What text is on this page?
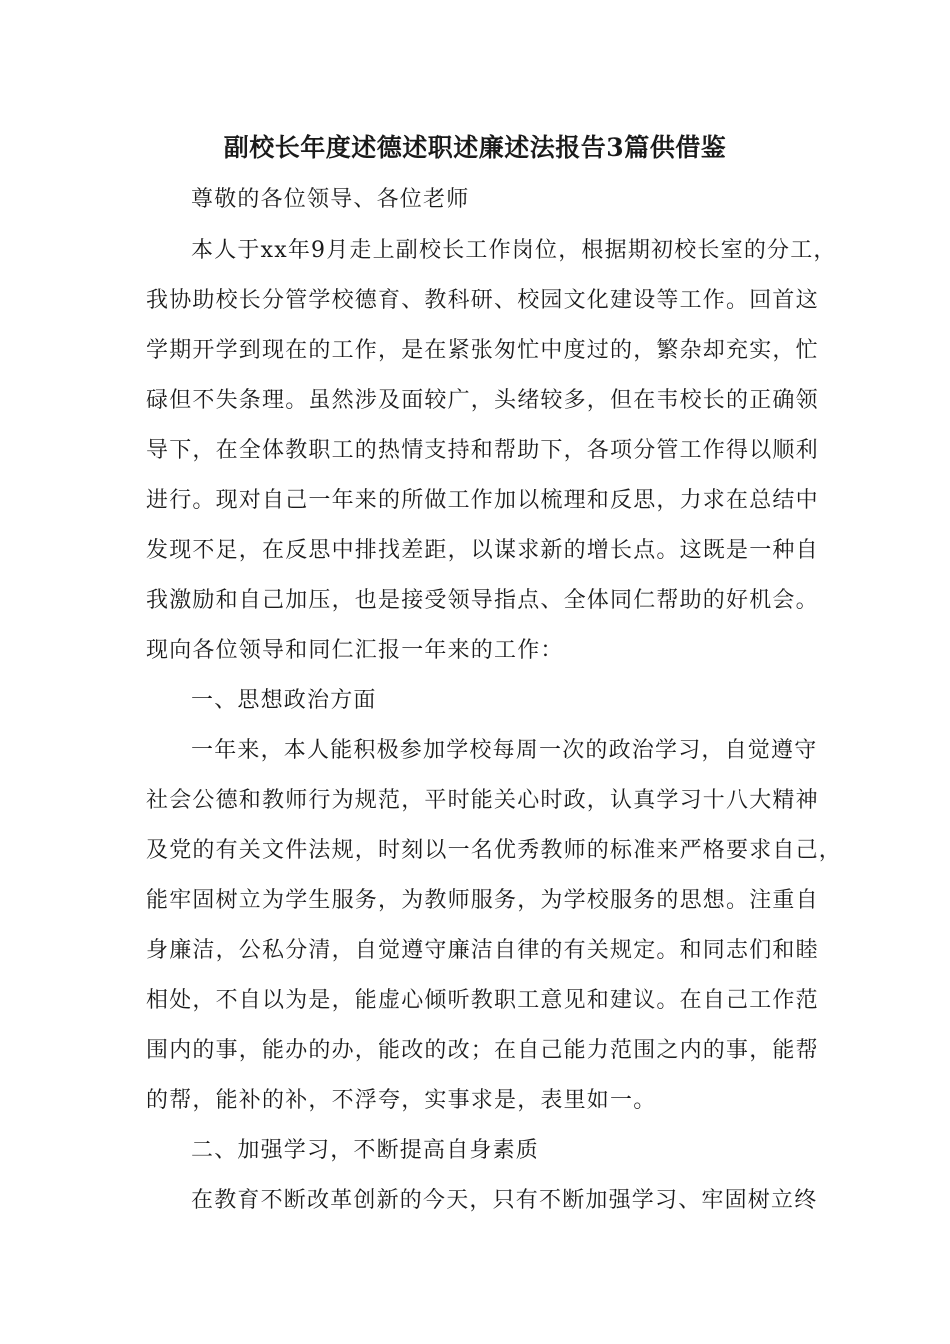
副校长年度述德述职述廉述法报告3篇供借鉴
尊敬的各位领导、各位老师
本人于xx年9月走上副校长工作岗位，根据期初校长室的分工，
我协助校长分管学校德育、教科研、校园文化建设等工作。回首这
学期开学到现在的工作，是在紧张匆忙中度过的，繁杂却充实，忙
碌但不失条理。虽然涉及面较广，头绪较多，但在韦校长的正确领
导下，在全体教职工的热情支持和帮助下，各项分管工作得以顺利
进行。现对自己一年来的所做工作加以梳理和反思，力求在总结中
发现不足，在反思中排找差距，以谋求新的增长点。这既是一种自
我激励和自己加压，也是接受领导指点、全体同仁帮助的好机会。
现向各位领导和同仁汇报一年来的工作：
一、思想政治方面
一年来，本人能积极参加学校每周一次的政治学习，自觉遵守
社会公德和教师行为规范，平时能关心时政，认真学习十八大精神
及党的有关文件法规，时刻以一名优秀教师的标准来严格要求自己，
能牢固树立为学生服务，为教师服务，为学校服务的思想。注重自
身廉洁，公私分清，自觉遵守廉洁自律的有关规定。和同志们和睦
相处，不自以为是，能虚心倾听教职工意见和建议。在自己工作范
围内的事，能办的办，能改的改；在自己能力范围之内的事，能帮
的帮，能补的补，不浮夸，实事求是，表里如一。
二、加强学习，不断提高自身素质
在教育不断改革创新的今天，只有不断加强学习、牢固树立终
